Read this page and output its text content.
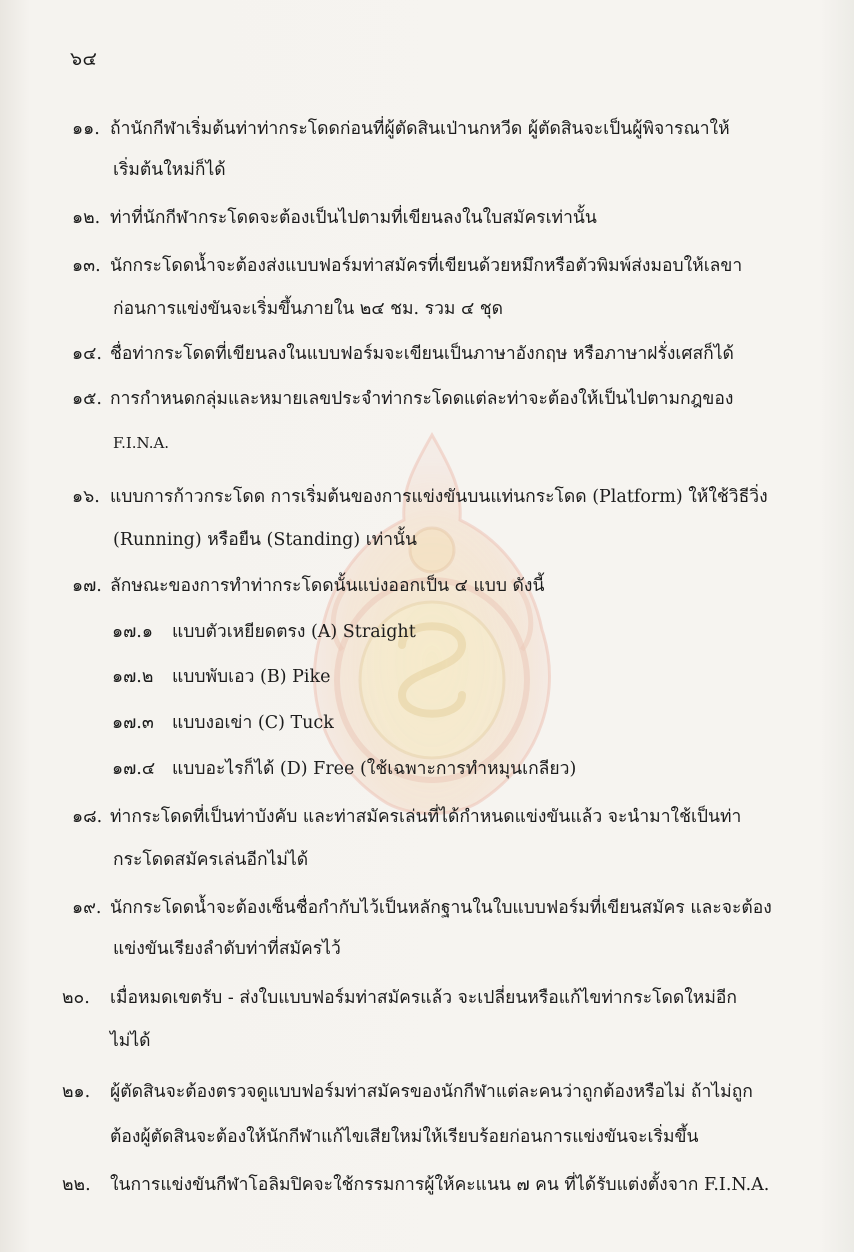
๖๔
๑๑. ถ้านักกีฬาเริ่มต้นท่าท่ากระโดดก่อนที่ผู้ตัดสินเป่านกหวีด ผู้ตัดสินจะเป็นผู้พิจารณาให้
เริ่มต้นใหม่ก็ได้
๑๒. ท่าที่นักกีฬากระโดดจะต้องเป็นไปตามที่เขียนลงในใบสมัครเท่านั้น
๑๓. นักกระโดดน้ำจะต้องส่งแบบฟอร์มท่าสมัครที่เขียนด้วยหมึกหรือตัวพิมพ์ส่งมอบให้เลขา
ก่อนการแข่งขันจะเริ่มขึ้นภายใน ๒๔ ชม. รวม ๔ ชุด
๑๔. ชื่อท่ากระโดดที่เขียนลงในแบบฟอร์มจะเขียนเป็นภาษาอังกฤษ หรือภาษาฝรั่งเศสก็ได้
๑๕. การกำหนดกลุ่มและหมายเลขประจำท่ากระโดดแต่ละท่าจะต้องให้เป็นไปตามกฎของ
F.I.N.A.
๑๖. แบบการก้าวกระโดด การเริ่มต้นของการแข่งขันบนแท่นกระโดด (Platform) ให้ใช้วิธีวิ่ง
(Running) หรือยืน (Standing) เท่านั้น
๑๗. ลักษณะของการทำท่ากระโดดนั้นแบ่งออกเป็น ๔ แบบ ดังนี้
๑๗.๑ แบบตัวเหยียดตรง (A) Straight
๑๗.๒ แบบพับเอว (B) Pike
๑๗.๓ แบบงอเข่า (C) Tuck
๑๗.๔ แบบอะไรก็ได้ (D) Free (ใช้เฉพาะการทำหมุนเกลียว)
๑๘. ท่ากระโดดที่เป็นท่าบังคับ และท่าสมัครเล่นที่ได้กำหนดแข่งขันแล้ว จะนำมาใช้เป็นท่า
กระโดดสมัครเล่นอีกไม่ได้
๑๙. นักกระโดดน้ำจะต้องเซ็นชื่อกำกับไว้เป็นหลักฐานในใบแบบฟอร์มที่เขียนสมัคร และจะต้อง
แข่งขันเรียงลำดับท่าที่สมัครไว้
๒๐. เมื่อหมดเขตรับ - ส่งใบแบบฟอร์มท่าสมัครแล้ว จะเปลี่ยนหรือแก้ไขท่ากระโดดใหม่อีก
ไม่ได้
๒๑. ผู้ตัดสินจะต้องตรวจดูแบบฟอร์มท่าสมัครของนักกีฬาแต่ละคนว่าถูกต้องหรือไม่ ถ้าไม่ถูก
ต้องผู้ตัดสินจะต้องให้นักกีฬาแก้ไขเสียใหม่ให้เรียบร้อยก่อนการแข่งขันจะเริ่มขึ้น
๒๒. ในการแข่งขันกีฬาโอลิมปิคจะใช้กรรมการผู้ให้คะแนน ๗ คน ที่ได้รับแต่งตั้งจาก F.I.N.A.
